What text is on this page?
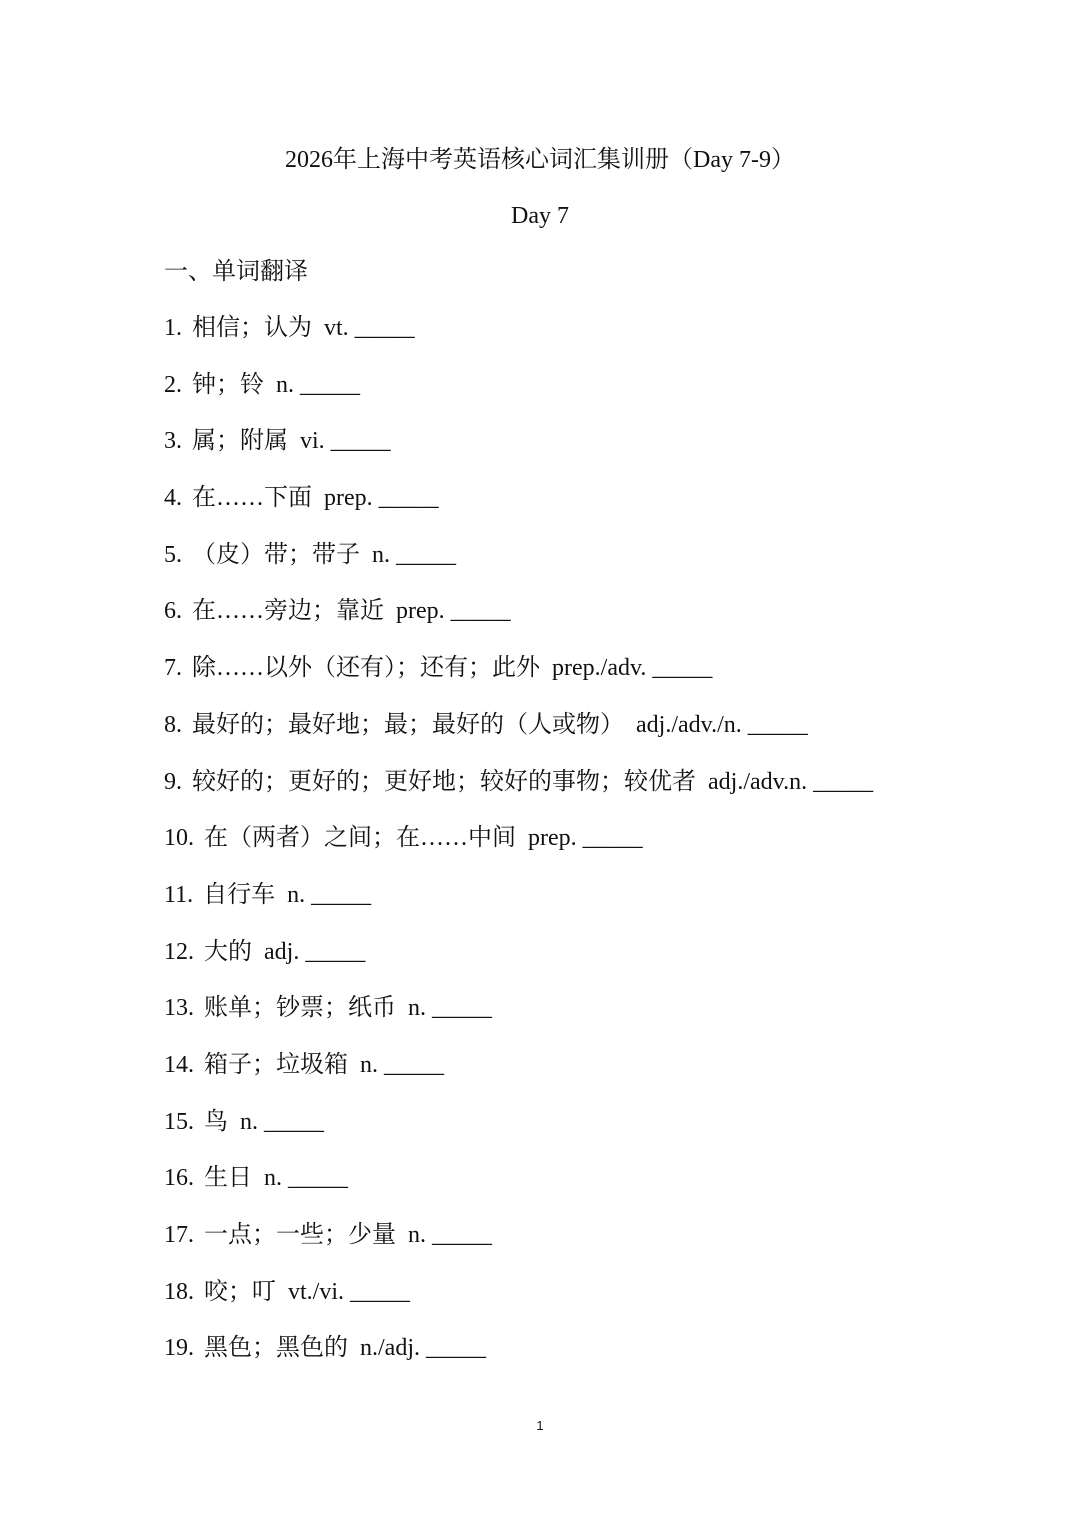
2026年上海中考英语核心词汇集训册（Day 7-9）
Day 7
一、单词翻译
1. 相信；认为 vt. _____
2. 钟；铃 n. _____
3. 属；附属 vi. _____
4. 在……下面 prep. _____
5. （皮）带；带子 n. _____
6. 在……旁边；靠近 prep. _____
7. 除……以外（还有）；还有；此外 prep./adv. _____
8. 最好的；最好地；最；最好的（人或物） adj./adv./n. _____
9. 较好的；更好的；更好地；较好的事物；较优者 adj./adv.n. _____
10. 在（两者）之间；在……中间 prep. _____
11. 自行车 n. _____
12. 大的 adj. _____
13. 账单；钞票；纸币 n. _____
14. 箱子；垃圾箱 n. _____
15. 鸟 n. _____
16. 生日 n. _____
17. 一点；一些；少量 n. _____
18. 咬；叮 vt./vi. _____
19. 黑色；黑色的 n./adj. _____
1
